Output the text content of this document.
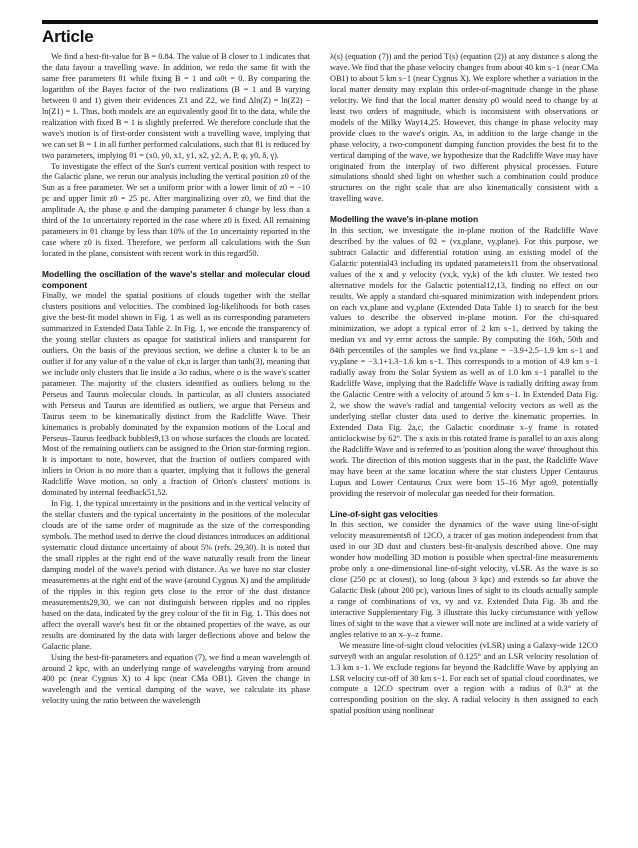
Article

We find a best-fit-value for B = 0.84. The value of B closer to 1 indicates that the data favour a travelling wave. In addition, we redo the same fit with the same free parameters θ1 while fixing B = 1 and ω0t = 0. By comparing the logarithm of the Bayes factor of the two realizations (B = 1 and B varying between 0 and 1) given their evidences Z1 and Z2, we find Δln(Z) = ln(Z2) − ln(Z1) = 1. Thus, both models are an equivalently good fit to the data, while the realization with fixed B = 1 is slightly preferred. We therefore conclude that the wave's motion is of first-order consistent with a travelling wave, implying that we can set B = 1 in all further performed calculations, such that θ1 is reduced by two parameters, implying θ1 = (x0, y0, x1, y1, x2, y2, A, P, φ, y0, δ, γ).

To investigate the effect of the Sun's current vertical position with respect to the Galactic plane, we rerun our analysis including the vertical position z0 of the Sun as a free parameter. We set a uniform prior with a lower limit of z0 = −10 pc and upper limit z0 = 25 pc. After marginalizing over z0, we find that the amplitude A, the phase φ and the damping parameter δ change by less than a third of the 1σ uncertainty reported in the case where z0 is fixed. All remaining parameters in θ1 change by less than 10% of the 1σ uncertainty reported in the case where z0 is fixed. Therefore, we perform all calculations with the Sun located in the plane, consistent with recent work in this regard50.

Modelling the oscillation of the wave's stellar and molecular cloud component

Finally, we model the spatial positions of clouds together with the stellar clusters positions and velocities. The combined log-likelihoods for both cases give the best-fit model shown in Fig. 1 as well as its corresponding parameters summarized in Extended Data Table 2. In Fig. 1, we encode the transparency of the young stellar clusters as opaque for statistical inliers and transparent for outliers. On the basis of the previous section, we define a cluster k to be an outlier if for any value of n the value of ck,n is larger than tanh(3), meaning that we include only clusters that lie inside a 3σ radius, where σ is the wave's scatter parameter. The majority of the clusters identified as outliers belong to the Perseus and Taurus molecular clouds. In particular, as all clusters associated with Perseus and Taurus are identified as outliers, we argue that Perseus and Taurus seem to be kinematically distinct from the Radcliffe Wave. Their kinematics is probably dominated by the expansion motions of the Local and Perseus–Taurus feedback bubbles9,13 on whose surfaces the clouds are located. Most of the remaining outliers can be assigned to the Orion star-forming region. It is important to note, however, that the fraction of outliers compared with inliers in Orion is no more than a quarter, implying that it follows the general Radcliffe Wave motion, so only a fraction of Orion's clusters' motions is dominated by internal feedback51,52.

In Fig. 1, the typical uncertainty in the positions and in the vertical velocity of the stellar clusters and the typical uncertainty in the positions of the molecular clouds are of the same order of magnitude as the size of the corresponding symbols. The method used to derive the cloud distances introduces an additional systematic cloud distance uncertainty of about 5% (refs. 29,30). It is noted that the small ripples at the right end of the wave naturally result from the linear damping model of the wave's period with distance. As we have no star cluster measurements at the right end of the wave (around Cygnus X) and the amplitude of the ripples in this region gets close to the error of the dust distance measurements29,30, we can not distinguish between ripples and no ripples based on the data, indicated by the grey colour of the fit in Fig. 1. This does not affect the overall wave's best fit or the obtained properties of the wave, as our results are dominated by the data with larger deflections above and below the Galactic plane.

Using the best-fit-parameters and equation (7), we find a mean wavelength of around 2 kpc, with an underlying range of wavelengths varying from around 400 pc (near Cygnus X) to 4 kpc (near CMa OB1). Given the change in wavelength and the vertical damping of the wave, we calculate its phase velocity using the ratio between the wavelength

λ(s) (equation (7)) and the period T(s) (equation (2)) at any distance s along the wave. We find that the phase velocity changes from about 40 km s−1 (near CMa OB1) to about 5 km s−1 (near Cygnus X). We explore whether a variation in the local matter density may explain this order-of-magnitude change in the phase velocity. We find that the local matter density ρ0 would need to change by at least two orders of magnitude, which is inconsistent with observations or models of the Milky Way14,25. However, this change in phase velocity may provide clues to the wave's origin. As, in addition to the large change in the phase velocity, a two-component damping function provides the best fit to the vertical damping of the wave, we hypothesize that the Radcliffe Wave may have originated from the interplay of two different physical processes. Future simulations should shed light on whether such a combination could produce structures on the right scale that are also kinematically consistent with a travelling wave.

Modelling the wave's in-plane motion

In this section, we investigate the in-plane motion of the Radcliffe Wave described by the values of θ2 = (vx,plane, vy,plane). For this purpose, we subtract Galactic and differential rotation using an existing model of the Galactic potential43 including its updated parameters11 from the observational values of the x and y velocity (vx,k, vy,k) of the kth cluster. We tested two alternative models for the Galactic potential12,13, finding no effect on our results. We apply a standard chi-squared minimization with independent priors on each vx,plane and vy,plane (Extended Data Table 1) to search for the best values to describe the observed in-plane motion. For the chi-squared minimization, we adopt a typical error of 2 km s−1, derived by taking the median vx and vy error across the sample. By computing the 16th, 50th and 84th percentiles of the samples we find vx,plane = −3.9+2.5−1.9 km s−1 and vy,plane = −3.1+1.3−1.6 km s−1. This corresponds to a motion of 4.9 km s−1 radially away from the Solar System as well as of 1.0 km s−1 parallel to the Radcliffe Wave, implying that the Radcliffe Wave is radially drifting away from the Galactic Centre with a velocity of around 5 km s−1. In Extended Data Fig. 2, we show the wave's radial and tangential velocity vectors as well as the underlying stellar cluster data used to derive the kinematic properties. In Extended Data Fig. 2a,c, the Galactic coordinate x–y frame is rotated anticlockwise by 62°. The x axis in this rotated frame is parallel to an axis along the Radcliffe Wave and is referred to as 'position along the wave' throughout this work. The direction of this motion suggests that in the past, the Radcliffe Wave may have been at the same location where the star clusters Upper Centaurus Lupus and Lower Centaurus Crux were born 15–16 Myr ago9, potentially providing the reservoir of molecular gas needed for their formation.

Line-of-sight gas velocities

In this section, we consider the dynamics of the wave using line-of-sight velocity measurements8 of 12CO, a tracer of gas motion independent from that used in our 3D dust and clusters best-fit-analysis described above. One may wonder how modelling 3D motion is possible when spectral-line measurements probe only a one-dimensional line-of-sight velocity, vLSR. As the wave is so close (250 pc at closest), so long (about 3 kpc) and extends so far above the Galactic Disk (about 200 pc), various lines of sight to its clouds actually sample a range of combinations of vx, vy and vz. Extended Data Fig. 3b and the interactive Supplementary Fig. 3 illustrate this lucky circumstance with yellow lines of sight to the wave that a viewer will note are inclined at a wide variety of angles relative to an x–y–z frame.

We measure line-of-sight cloud velocities (vLSR) using a Galaxy-wide 12CO survey8 with an angular resolution of 0.125° and an LSR velocity resolution of 1.3 km s−1. We exclude regions far beyond the Radcliffe Wave by applying an LSR velocity cut-off of 30 km s−1. For each set of spatial cloud coordinates, we compute a 12CO spectrum over a region with a radius of 0.3° at the corresponding position on the sky. A radial velocity is then assigned to each spatial position using nonlinear
